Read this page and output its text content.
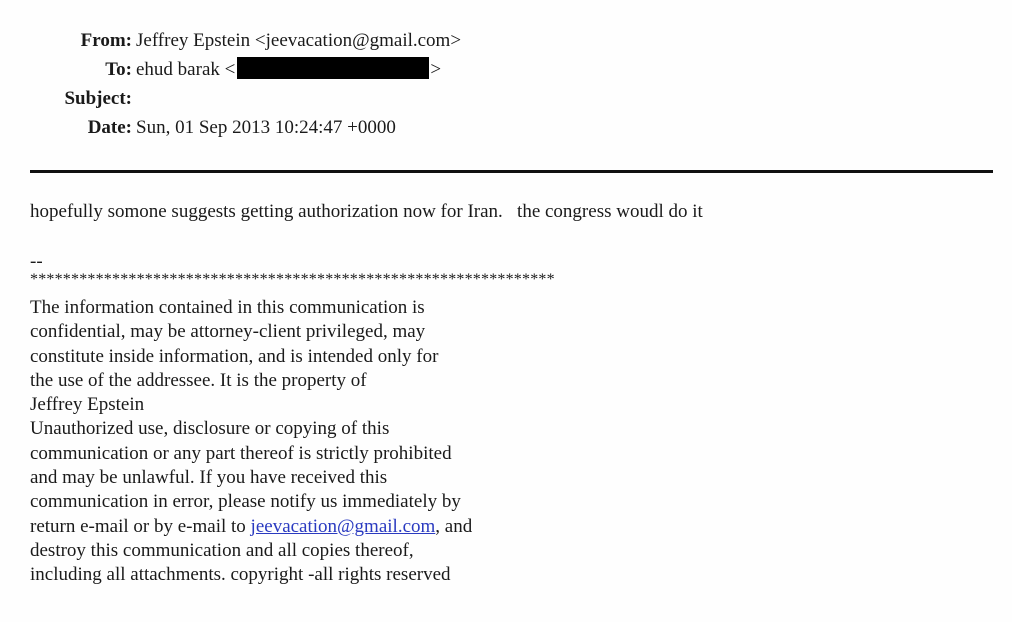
From: Jeffrey Epstein <jeevacation@gmail.com>
To: ehud barak <	>
Subject:
Date: Sun, 01 Sep 2013 10:24:47 +0000
hopefully somone suggests getting authorization now for Iran.   the congress woudl do it
--
****************************************************************
The information contained in this communication is
confidential, may be attorney-client privileged, may
constitute inside information, and is intended only for
the use of the addressee. It is the property of
Jeffrey Epstein
Unauthorized use, disclosure or copying of this
communication or any part thereof is strictly prohibited
and may be unlawful. If you have received this
communication in error, please notify us immediately by
return e-mail or by e-mail to jeevacation@gmail.com, and
destroy this communication and all copies thereof,
including all attachments. copyright -all rights reserved
